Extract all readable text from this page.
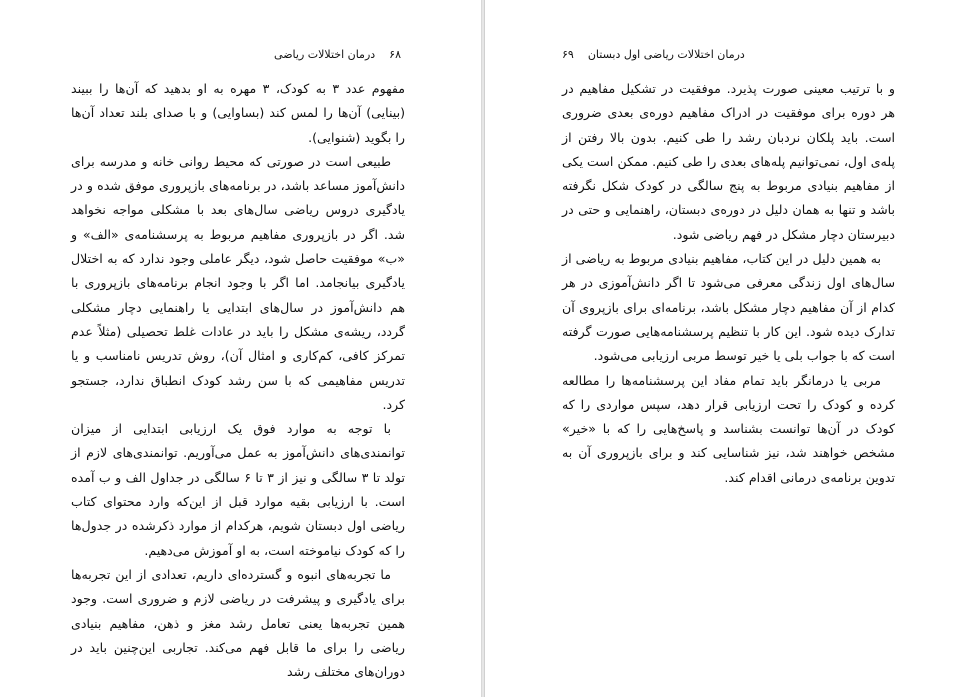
۶۸
درمان اختلالات ریاضی

مفهوم عدد ۳ به کودک، ۳ مهره به او بدهید که آن‌ها را ببیند (بینایی) آن‌ها را لمس کند (بساوایی) و با صدای بلند تعداد آن‌ها را بگوید (شنوایی).

طبیعی است در صورتی که محیط روانی خانه و مدرسه برای دانش‌آموز مساعد باشد، در برنامه‌های بازپروری موفق شده و در یادگیری دروس ریاضی سال‌های بعد با مشکلی مواجه نخواهد شد. اگر در بازپروری مفاهیم مربوط به پرسشنامه‌ی «الف» و «ب» موفقیت حاصل شود، دیگر عاملی وجود ندارد که به اختلال یادگیری بیانجامد. اما اگر با وجود انجام برنامه‌های بازپروری با هم دانش‌آموز در سال‌های ابتدایی یا راهنمایی دچار مشکلی گردد، ریشه‌ی مشکل را باید در عادات غلط تحصیلی (مثلاً عدم تمرکز کافی، کم‌کاری و امثال آن)، روش تدریس نامناسب و یا تدریس مفاهیمی که با سن رشد کودک انطباق ندارد، جستجو کرد.

با توجه به موارد فوق یک ارزیابی ابتدایی از میزان توانمندی‌های دانش‌آموز به عمل می‌آوریم. توانمندی‌های لازم از تولد تا ۳ سالگی و نیز از ۳ تا ۶ سالگی در جداول الف و ب آمده است. با ارزیابی بقیه موارد قبل از این‌که وارد محتوای کتاب ریاضی اول دبستان شویم، هرکدام از موارد ذکرشده در جدول‌ها را که کودک نیاموخته است، به او آموزش می‌دهیم.

ما تجربه‌های انبوه و گسترده‌ای داریم، تعدادی از این تجربه‌ها برای یادگیری و پیشرفت در ریاضی لازم و ضروری است. وجود همین تجربه‌ها یعنی تعامل رشد مغز و ذهن، مفاهیم بنیادی ریاضی را برای ما قابل فهم می‌کند. تجاربی این‌چنین باید در دوران‌های مختلف رشد

درمان اختلالات ریاضی اول دبستان
۶۹

و با ترتیب معینی صورت پذیرد. موفقیت در تشکیل مفاهیم در هر دوره برای موفقیت در ادراک مفاهیم دوره‌ی بعدی ضروری است. باید پلکان نردبان رشد را طی کنیم. بدون بالا رفتن از پله‌ی اول، نمی‌توانیم پله‌های بعدی را طی کنیم. ممکن است یکی از مفاهیم بنیادی مربوط به پنج سالگی در کودک شکل نگرفته باشد و تنها به همان دلیل در دوره‌ی دبستان، راهنمایی و حتی در دبیرستان دچار مشکل در فهم ریاضی شود.

به همین دلیل در این کتاب، مفاهیم بنیادی مربوط به ریاضی از سال‌های اول زندگی معرفی می‌شود تا اگر دانش‌آموزی در هر کدام از آن مفاهیم دچار مشکل باشد، برنامه‌ای برای بازپروی آن تدارک دیده شود. این کار با تنظیم پرسشنامه‌هایی صورت گرفته است که با جواب بلی یا خیر توسط مربی ارزیابی می‌شود.

مربی یا درمانگر باید تمام مفاد این پرسشنامه‌ها را مطالعه کرده و کودک را تحت ارزیابی قرار دهد، سپس مواردی را که کودک در آن‌ها توانست بشناسد و پاسخ‌هایی را که با «خیر» مشخص خواهند شد، نیز شناسایی کند و برای بازپروری آن به تدوین برنامه‌ی درمانی اقدام کند.
